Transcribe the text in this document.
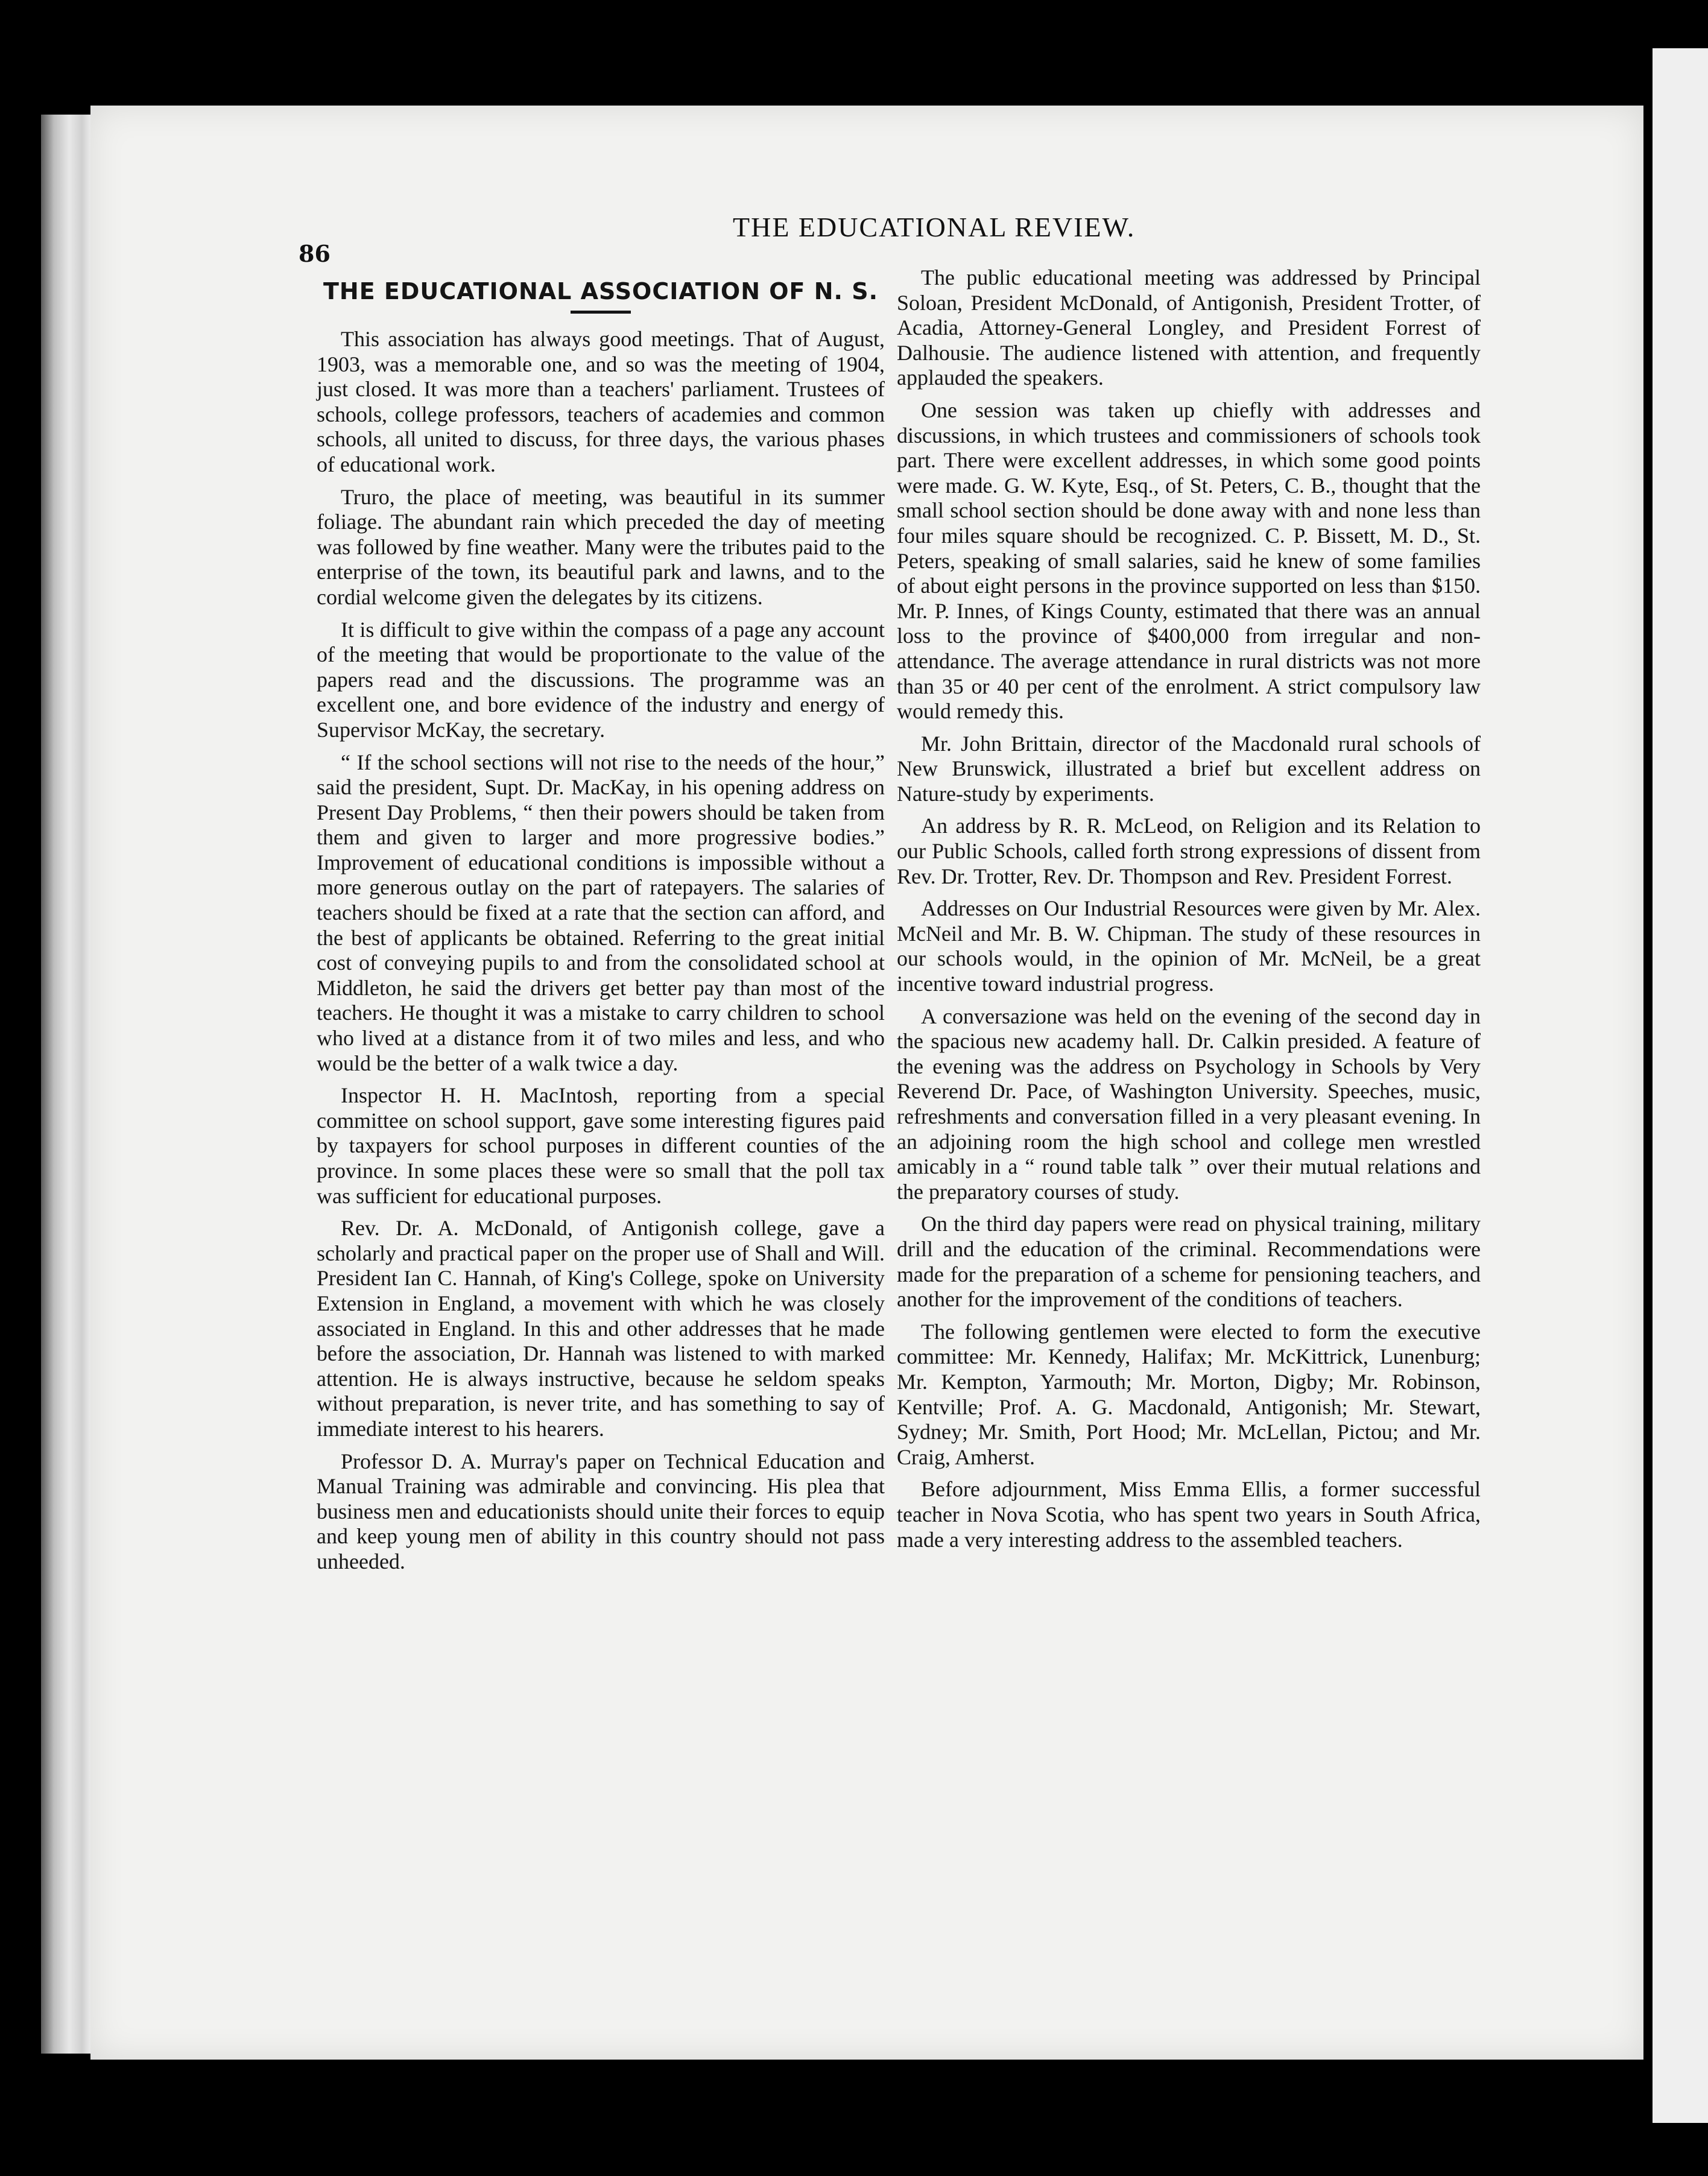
86
THE EDUCATIONAL REVIEW.
THE EDUCATIONAL ASSOCIATION OF N. S.

This association has always good meetings. That of August, 1903, was a memorable one, and so was the meeting of 1904, just closed. It was more than a teachers' parliament. Trustees of schools, college professors, teachers of academies and common schools, all united to discuss, for three days, the various phases of educational work.

Truro, the place of meeting, was beautiful in its summer foliage. The abundant rain which preceded the day of meeting was followed by fine weather. Many were the tributes paid to the enterprise of the town, its beautiful park and lawns, and to the cordial welcome given the delegates by its citizens.

It is difficult to give within the compass of a page any account of the meeting that would be proportionate to the value of the papers read and the discussions. The programme was an excellent one, and bore evidence of the industry and energy of Supervisor McKay, the secretary.

“ If the school sections will not rise to the needs of the hour,” said the president, Supt. Dr. MacKay, in his opening address on Present Day Problems, “ then their powers should be taken from them and given to larger and more progressive bodies.” Improvement of educational conditions is impossible without a more generous outlay on the part of ratepayers. The salaries of teachers should be fixed at a rate that the section can afford, and the best of applicants be obtained. Referring to the great initial cost of conveying pupils to and from the consolidated school at Middleton, he said the drivers get better pay than most of the teachers. He thought it was a mistake to carry children to school who lived at a distance from it of two miles and less, and who would be the better of a walk twice a day.

Inspector H. H. MacIntosh, reporting from a special committee on school support, gave some interesting figures paid by taxpayers for school purposes in different counties of the province. In some places these were so small that the poll tax was sufficient for educational purposes.

Rev. Dr. A. McDonald, of Antigonish college, gave a scholarly and practical paper on the proper use of Shall and Will. President Ian C. Hannah, of King's College, spoke on University Extension in England, a movement with which he was closely associated in England. In this and other addresses that he made before the association, Dr. Hannah was listened to with marked attention. He is always instructive, because he seldom speaks without preparation, is never trite, and has something to say of immediate interest to his hearers.

Professor D. A. Murray's paper on Technical Education and Manual Training was admirable and convincing. His plea that business men and educationists should unite their forces to equip and keep young men of ability in this country should not pass unheeded.

The public educational meeting was addressed by Principal Soloan, President McDonald, of Antigonish, President Trotter, of Acadia, Attorney-General Longley, and President Forrest of Dalhousie. The audience listened with attention, and frequently applauded the speakers.

One session was taken up chiefly with addresses and discussions, in which trustees and commissioners of schools took part. There were excellent addresses, in which some good points were made. G. W. Kyte, Esq., of St. Peters, C. B., thought that the small school section should be done away with and none less than four miles square should be recognized. C. P. Bissett, M. D., St. Peters, speaking of small salaries, said he knew of some families of about eight persons in the province supported on less than $150. Mr. P. Innes, of Kings County, estimated that there was an annual loss to the province of $400,000 from irregular and non-attendance. The average attendance in rural districts was not more than 35 or 40 per cent of the enrolment. A strict compulsory law would remedy this.

Mr. John Brittain, director of the Macdonald rural schools of New Brunswick, illustrated a brief but excellent address on Nature-study by experiments.

An address by R. R. McLeod, on Religion and its Relation to our Public Schools, called forth strong expressions of dissent from Rev. Dr. Trotter, Rev. Dr. Thompson and Rev. President Forrest.

Addresses on Our Industrial Resources were given by Mr. Alex. McNeil and Mr. B. W. Chipman. The study of these resources in our schools would, in the opinion of Mr. McNeil, be a great incentive toward industrial progress.

A conversazione was held on the evening of the second day in the spacious new academy hall. Dr. Calkin presided. A feature of the evening was the address on Psychology in Schools by Very Reverend Dr. Pace, of Washington University. Speeches, music, refreshments and conversation filled in a very pleasant evening. In an adjoining room the high school and college men wrestled amicably in a “ round table talk ” over their mutual relations and the preparatory courses of study.

On the third day papers were read on physical training, military drill and the education of the criminal. Recommendations were made for the preparation of a scheme for pensioning teachers, and another for the improvement of the conditions of teachers.

The following gentlemen were elected to form the executive committee: Mr. Kennedy, Halifax; Mr. McKittrick, Lunenburg; Mr. Kempton, Yarmouth; Mr. Morton, Digby; Mr. Robinson, Kentville; Prof. A. G. Macdonald, Antigonish; Mr. Stewart, Sydney; Mr. Smith, Port Hood; Mr. McLellan, Pictou; and Mr. Craig, Amherst.

Before adjournment, Miss Emma Ellis, a former successful teacher in Nova Scotia, who has spent two years in South Africa, made a very interesting address to the assembled teachers.
